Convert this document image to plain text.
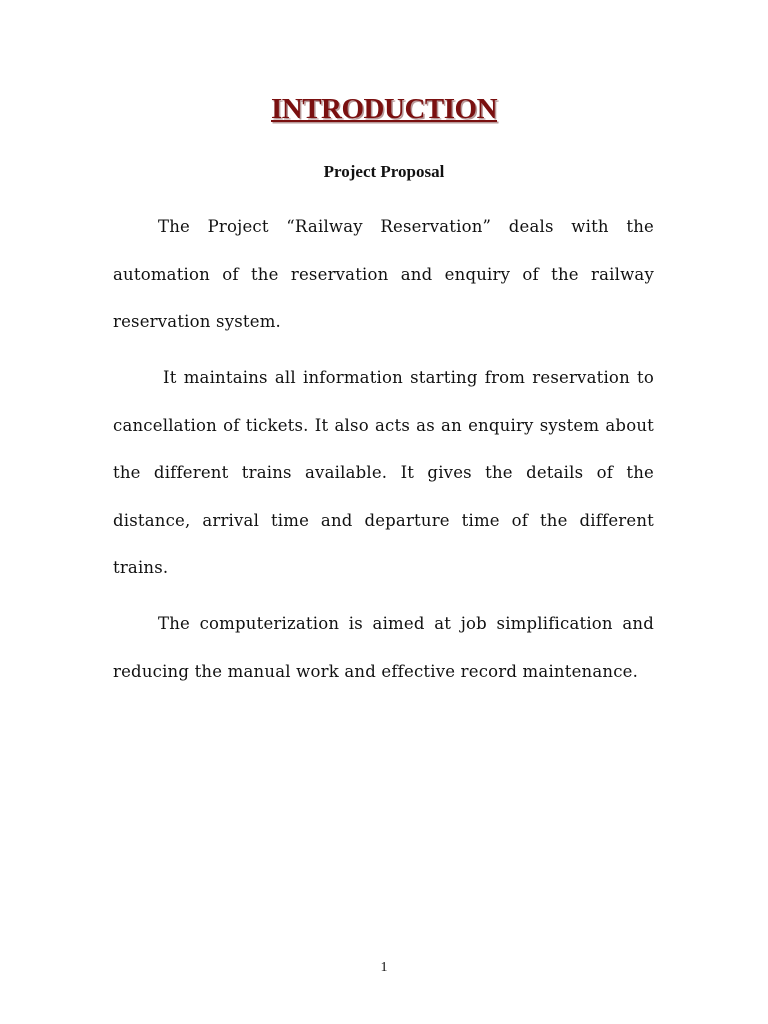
INTRODUCTION
Project Proposal

The Project “Railway Reservation” deals with the automation of the reservation and enquiry of the railway reservation system.

It maintains all information starting from reservation to cancellation of tickets. It also acts as an enquiry system about the different trains available. It gives the details of the distance, arrival time and departure time of the different trains.

The computerization is aimed at job simplification and reducing the manual work and effective record maintenance.

1
